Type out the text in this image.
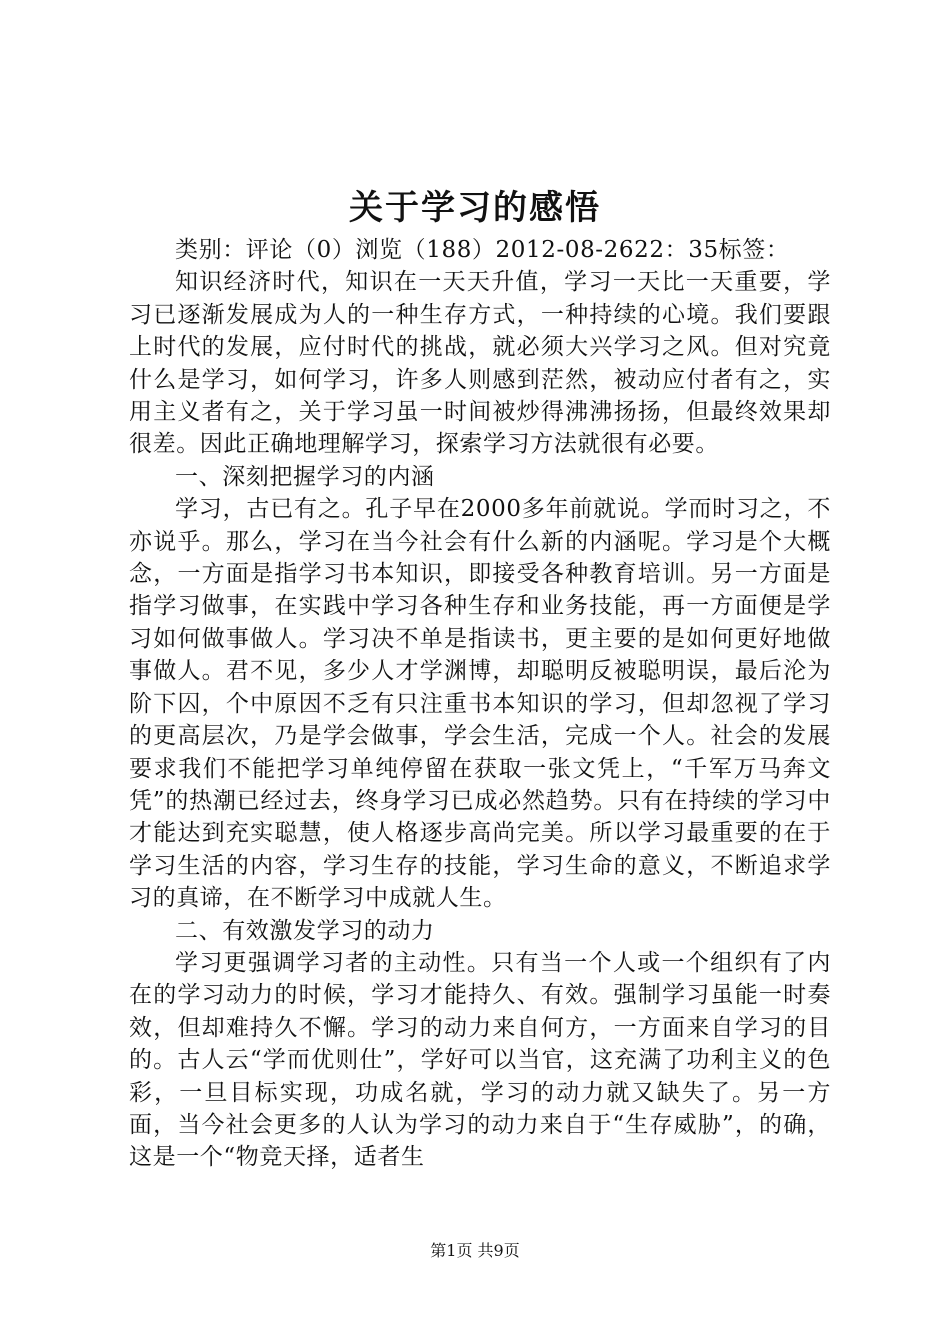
关于学习的感悟

类别：评论（0）浏览（188）2012-08-2622：35标签：

知识经济时代，知识在一天天升值，学习一天比一天重要，学习已逐渐发展成为人的一种生存方式，一种持续的心境。我们要跟上时代的发展，应付时代的挑战，就必须大兴学习之风。但对究竟什么是学习，如何学习，许多人则感到茫然，被动应付者有之，实用主义者有之，关于学习虽一时间被炒得沸沸扬扬，但最终效果却很差。因此正确地理解学习，探索学习方法就很有必要。

一、深刻把握学习的内涵

学习，古已有之。孔子早在2000多年前就说。学而时习之，不亦说乎。那么，学习在当今社会有什么新的内涵呢。学习是个大概念，一方面是指学习书本知识，即接受各种教育培训。另一方面是指学习做事，在实践中学习各种生存和业务技能，再一方面便是学习如何做事做人。学习决不单是指读书，更主要的是如何更好地做事做人。君不见，多少人才学渊博，却聪明反被聪明误，最后沦为阶下囚，个中原因不乏有只注重书本知识的学习，但却忽视了学习的更高层次，乃是学会做事，学会生活，完成一个人。社会的发展要求我们不能把学习单纯停留在获取一张文凭上，“千军万马奔文凭”的热潮已经过去，终身学习已成必然趋势。只有在持续的学习中才能达到充实聪慧，使人格逐步高尚完美。所以学习最重要的在于学习生活的内容，学习生存的技能，学习生命的意义，不断追求学习的真谛，在不断学习中成就人生。

二、有效激发学习的动力

学习更强调学习者的主动性。只有当一个人或一个组织有了内在的学习动力的时候，学习才能持久、有效。强制学习虽能一时奏效，但却难持久不懈。学习的动力来自何方，一方面来自学习的目的。古人云“学而优则仕”，学好可以当官，这充满了功利主义的色彩，一旦目标实现，功成名就，学习的动力就又缺失了。另一方面，当今社会更多的人认为学习的动力来自于“生存威胁”，的确，这是一个“物竞天择，适者生

第1页 共9页
